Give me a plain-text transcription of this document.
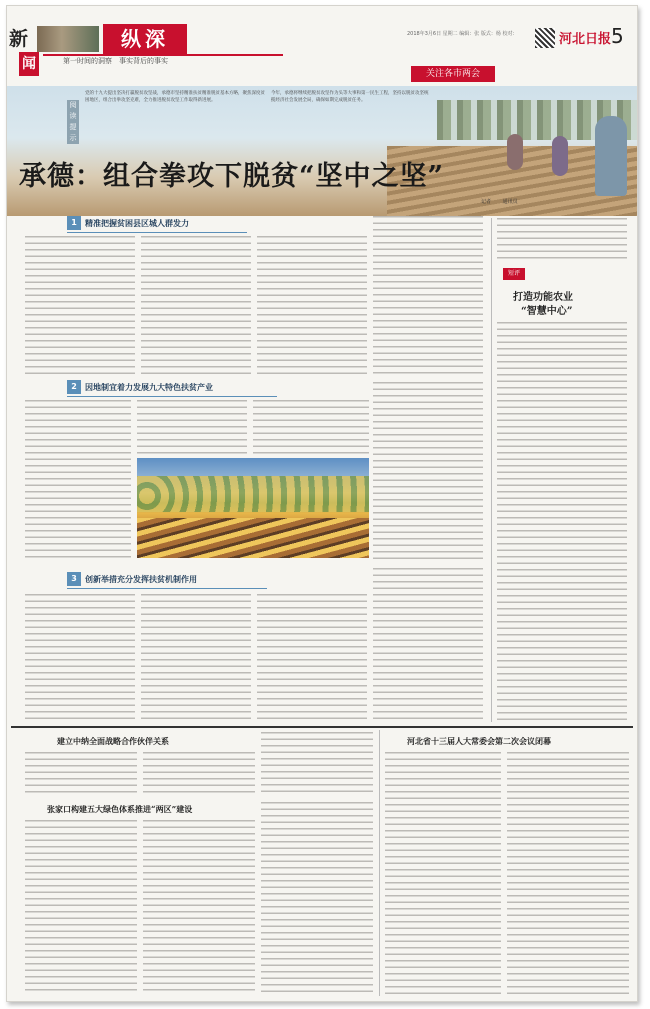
新
闻
纵深
第一时间的洞察　事实背后的事实
2018年3月6日 星期二 编辑：张 版式：杨 校对：	河北日报 5
关注各市两会
阅读提示
党的十九大提出坚决打赢脱贫攻坚战，承德市坚持精准扶贫精准脱贫基本方略，聚焦深度贫困地区，组合出拳攻坚克难，全力推进脱贫攻坚工作取得新进展。
今年，承德将继续把脱贫攻坚作为头等大事和第一民生工程，坚持以脱贫攻坚统揽经济社会发展全局，确保如期完成脱贫任务。
承德：组合拳攻下脱贫“坚中之坚”
记者 　　通讯员
1	精准把握贫困县区城人群发力
2	因地制宜着力发展九大特色扶贫产业
3	创新举措充分发挥扶贫机制作用
短评
打造功能农业
“智慧中心”
建立中纳全面战略合作伙伴关系
张家口构建五大绿色体系推进“两区”建设
河北省十三届人大常委会第二次会议闭幕
